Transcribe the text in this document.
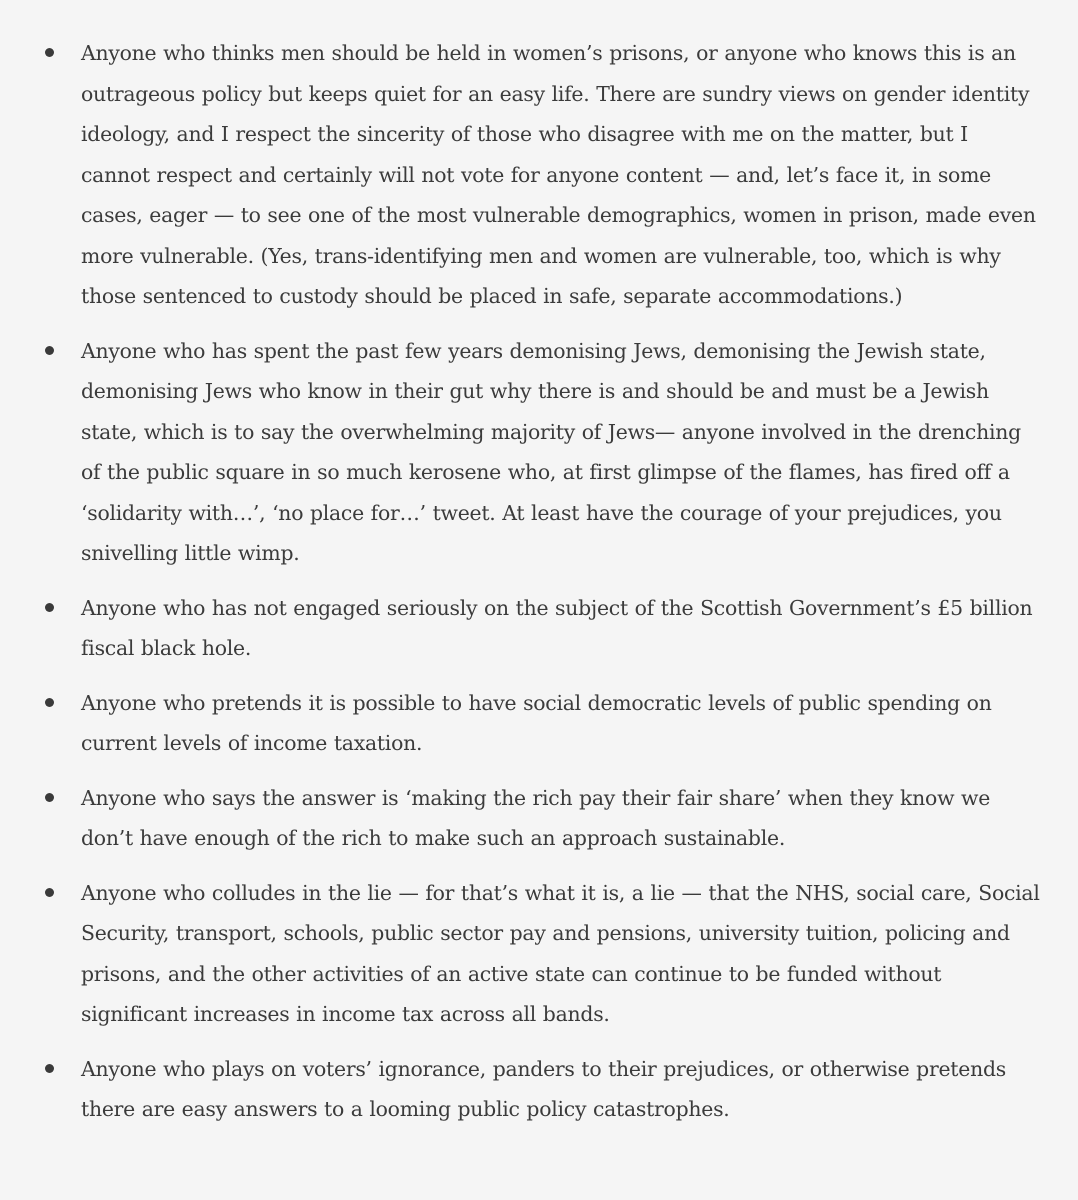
Anyone who thinks men should be held in women’s prisons, or anyone who knows this is an outrageous policy but keeps quiet for an easy life. There are sundry views on gender identity ideology, and I respect the sincerity of those who disagree with me on the matter, but I cannot respect and certainly will not vote for anyone content — and, let’s face it, in some cases, eager — to see one of the most vulnerable demographics, women in prison, made even more vulnerable. (Yes, trans-identifying men and women are vulnerable, too, which is why those sentenced to custody should be placed in safe, separate accommodations.)
Anyone who has spent the past few years demonising Jews, demonising the Jewish state, demonising Jews who know in their gut why there is and should be and must be a Jewish state, which is to say the overwhelming majority of Jews— anyone involved in the drenching of the public square in so much kerosene who, at first glimpse of the flames, has fired off a ‘solidarity with…’, ‘no place for…’ tweet. At least have the courage of your prejudices, you snivelling little wimp.
Anyone who has not engaged seriously on the subject of the Scottish Government’s £5 billion fiscal black hole.
Anyone who pretends it is possible to have social democratic levels of public spending on current levels of income taxation.
Anyone who says the answer is ‘making the rich pay their fair share’ when they know we don’t have enough of the rich to make such an approach sustainable.
Anyone who colludes in the lie — for that’s what it is, a lie — that the NHS, social care, Social Security, transport, schools, public sector pay and pensions, university tuition, policing and prisons, and the other activities of an active state can continue to be funded without significant increases in income tax across all bands.
Anyone who plays on voters’ ignorance, panders to their prejudices, or otherwise pretends there are easy answers to a looming public policy catastrophes.
